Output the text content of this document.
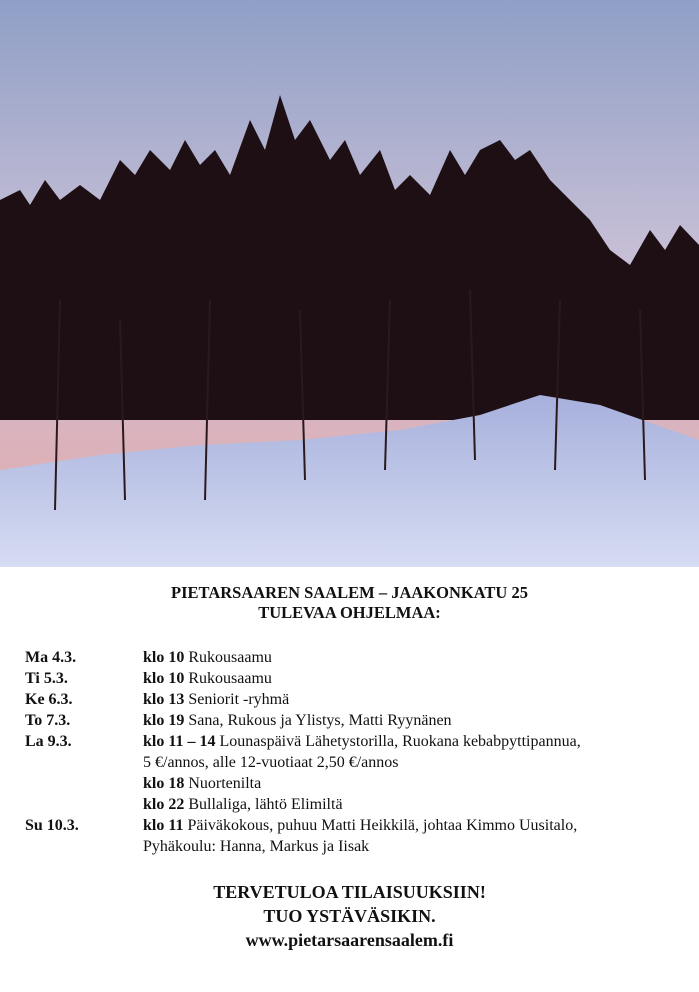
PIETARSAAREN SAALEM – JAAKONKATU 25
TULEVAA OHJELMAA:
Ma 4.3.	klo 10 Rukousaamu
Ti 5.3.	klo 10 Rukousaamu
Ke 6.3.	klo 13 Seniorit -ryhmä
To 7.3.	klo 19 Sana, Rukous ja Ylistys, Matti Ryynänen
La 9.3.	klo 11 – 14 Lounaspäivä Lähetystorilla, Ruokana kebabpyttipannua,
5 €/annos, alle 12-vuotiaat 2,50 €/annos
klo 18 Nuortenilta
klo 22 Bullaliga, lähtö Elimiltä
Su 10.3.	klo 11 Päiväkokous, puhuu Matti Heikkilä, johtaa Kimmo Uusitalo,
Pyhäkoulu: Hanna, Markus ja Iisak
TERVETULOA TILAISUUKSIIN!
TUO YSTÄVÄSIKIN.
www.pietarsaarensaalem.fi
